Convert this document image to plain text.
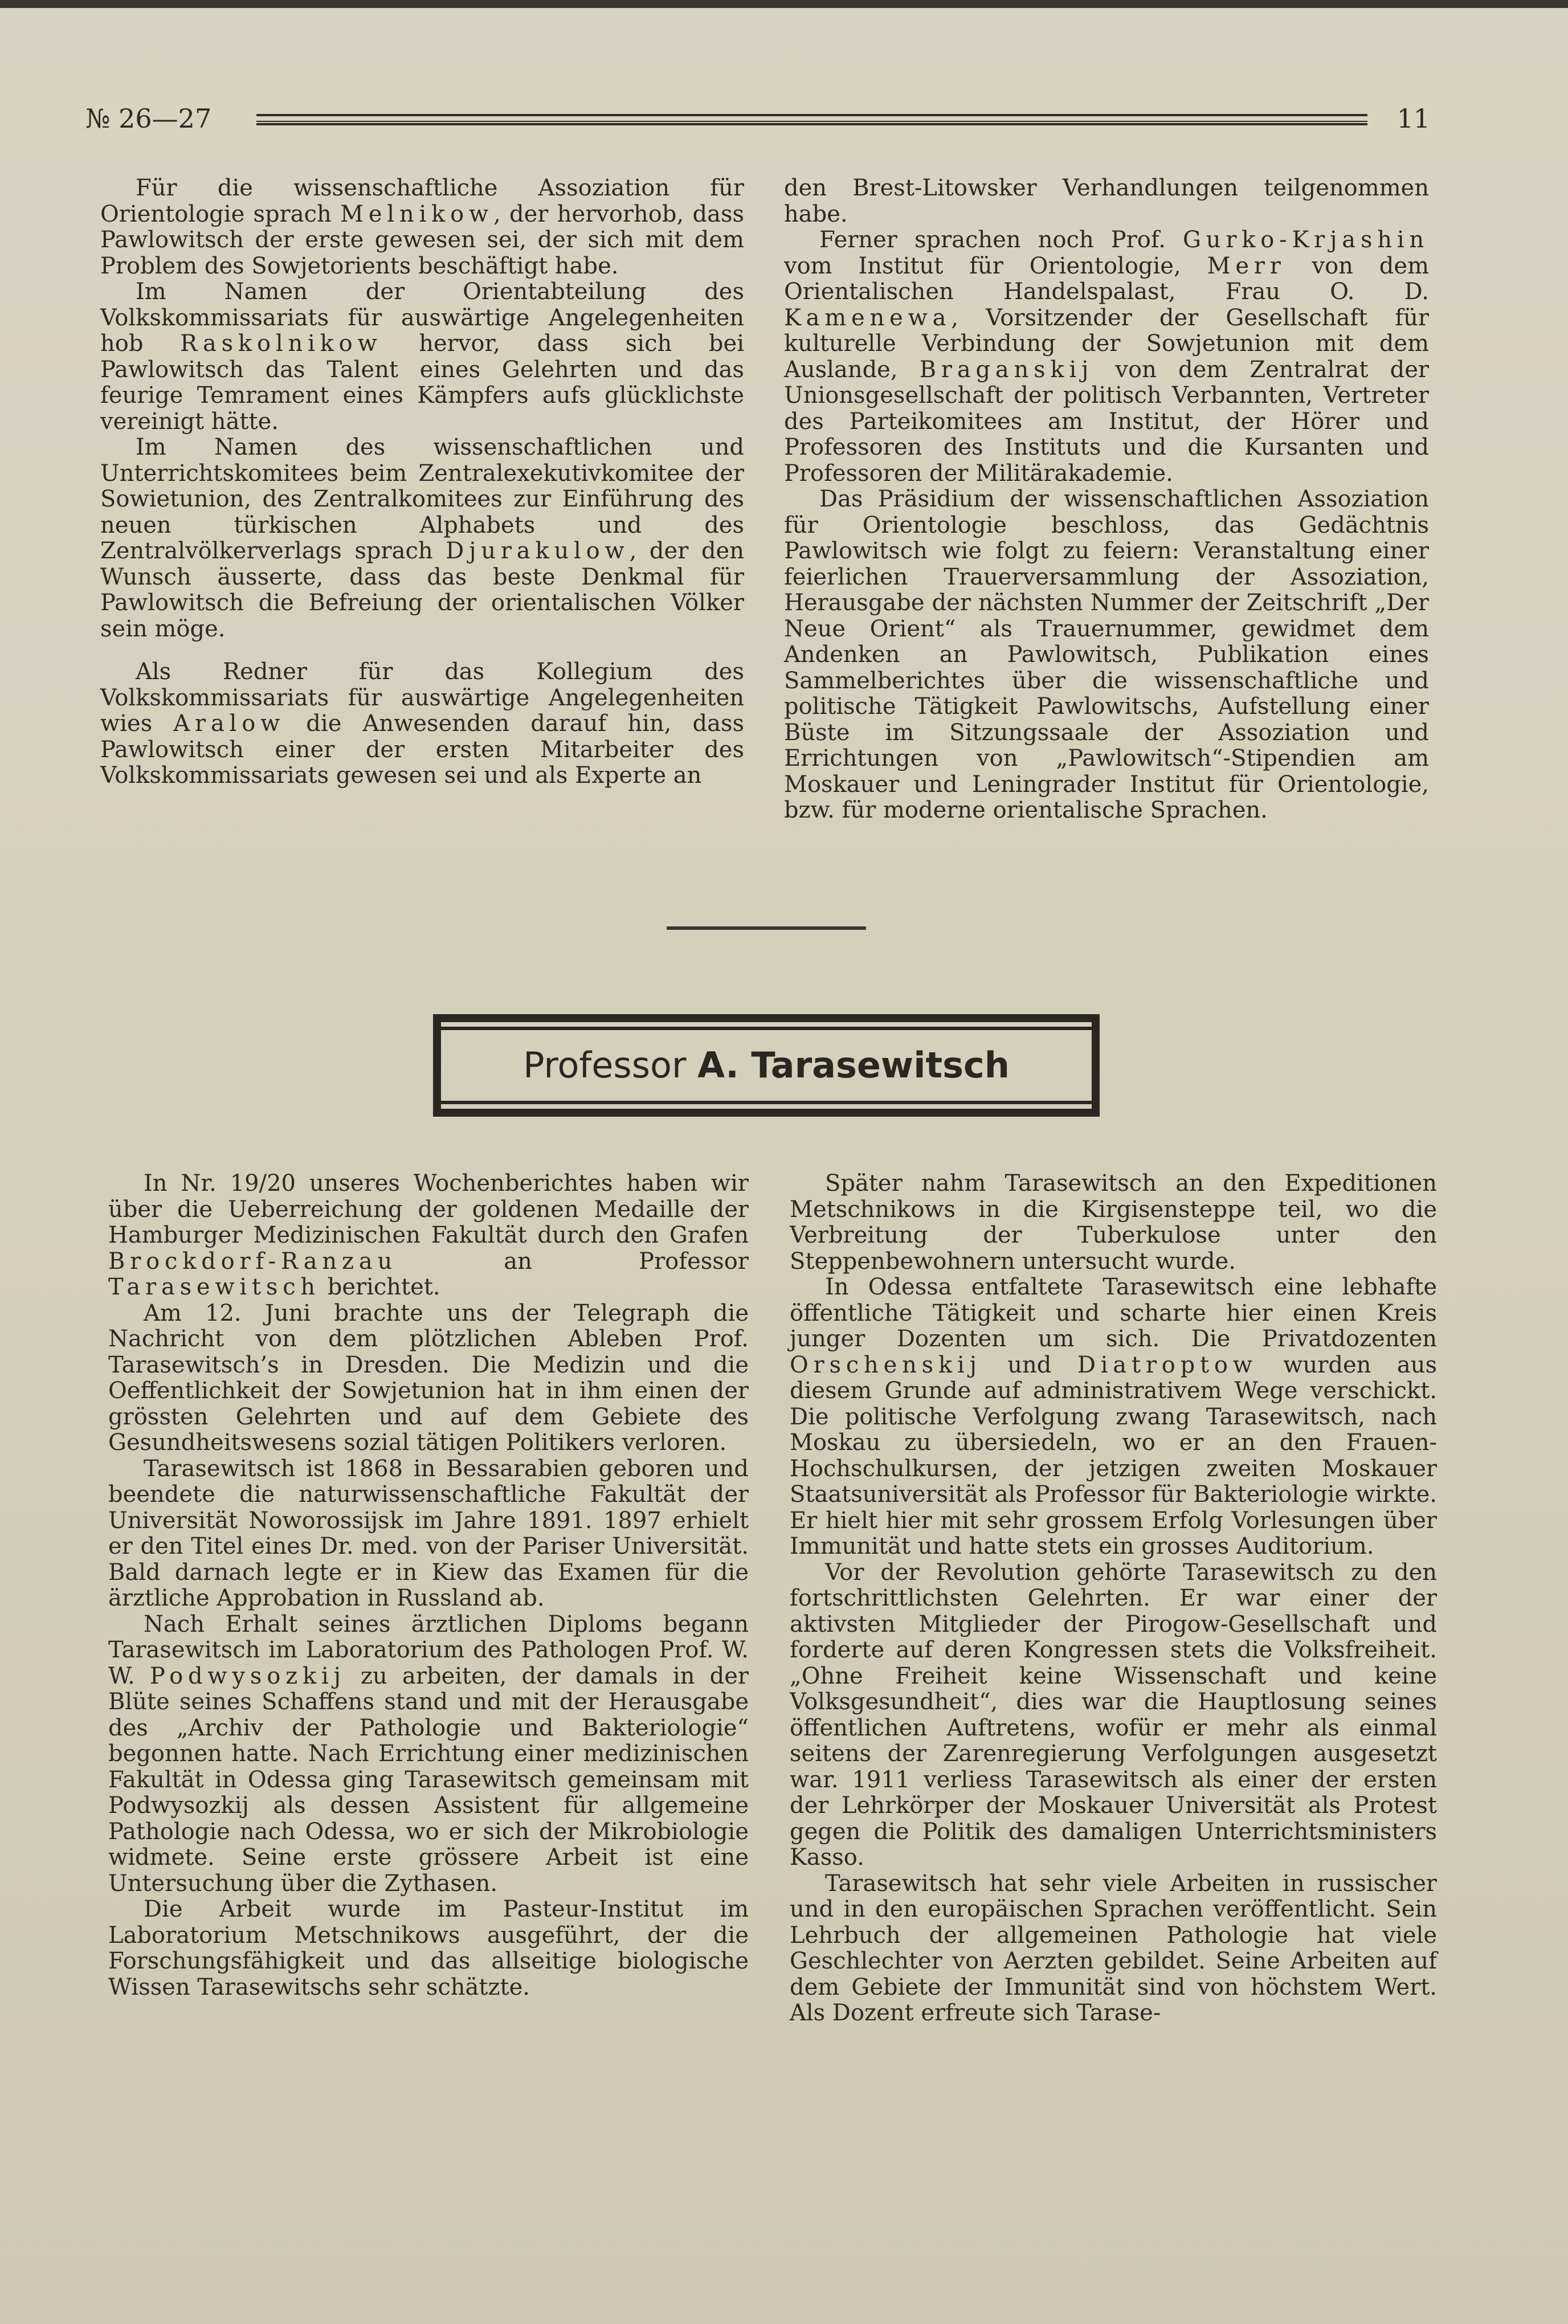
№ 26—27	11

Für die wissenschaftliche Assoziation für Orientologie sprach Melnikow, der hervorhob, dass Pawlowitsch der erste gewesen sei, der sich mit dem Problem des Sowjetorients beschäftigt habe.

Im Namen der Orientabteilung des Volkskommissariats für auswärtige Angelegenheiten hob Raskolnikow hervor, dass sich bei Pawlowitsch das Talent eines Gelehrten und das feurige Temrament eines Kämpfers aufs glücklichste vereinigt hätte.

Im Namen des wissenschaftlichen und Unterrichtskomitees beim Zentralexekutivkomitee der Sowietunion, des Zentralkomitees zur Einführung des neuen türkischen Alphabets und des Zentralvölkerverlags sprach Djurakulow, der den Wunsch äusserte, dass das beste Denkmal für Pawlowitsch die Befreiung der orientalischen Völker sein möge.

Als Redner für das Kollegium des Volkskommissariats für auswärtige Angelegenheiten wies Aralow die Anwesenden darauf hin, dass Pawlowitsch einer der ersten Mitarbeiter des Volkskommissariats gewesen sei und als Experte an

den Brest-Litowsker Verhandlungen teilgenommen habe.

Ferner sprachen noch Prof. Gurko-Krjashin vom Institut für Orientologie, Merr von dem Orientalischen Handelspalast, Frau O. D. Kamenewa, Vorsitzender der Gesellschaft für kulturelle Verbindung der Sowjetunion mit dem Auslande, Braganskij von dem Zentralrat der Unionsgesellschaft der politisch Verbannten, Vertreter des Parteikomitees am Institut, der Hörer und Professoren des Instituts und die Kursanten und Professoren der Militärakademie.

Das Präsidium der wissenschaftlichen Assoziation für Orientologie beschloss, das Gedächtnis Pawlowitsch wie folgt zu feiern: Veranstaltung einer feierlichen Trauerversammlung der Assoziation, Herausgabe der nächsten Nummer der Zeitschrift „Der Neue Orient“ als Trauernummer, gewidmet dem Andenken an Pawlowitsch, Publikation eines Sammelberichtes über die wissenschaftliche und politische Tätigkeit Pawlowitschs, Aufstellung einer Büste im Sitzungssaale der Assoziation und Errichtungen von „Pawlowitsch“-Stipendien am Moskauer und Leningrader Institut für Orientologie, bzw. für moderne orientalische Sprachen.

Professor A. Tarasewitsch

In Nr. 19/20 unseres Wochenberichtes haben wir über die Ueberreichung der goldenen Medaille der Hamburger Medizinischen Fakultät durch den Grafen Brockdorf-Ranzau an Professor Tarasewitsch berichtet.

Am 12. Juni brachte uns der Telegraph die Nachricht von dem plötzlichen Ableben Prof. Tarasewitsch’s in Dresden. Die Medizin und die Oeffentlichkeit der Sowjetunion hat in ihm einen der grössten Gelehrten und auf dem Gebiete des Gesundheitswesens sozial tätigen Politikers verloren.

Tarasewitsch ist 1868 in Bessarabien geboren und beendete die naturwissenschaftliche Fakultät der Universität Noworossijsk im Jahre 1891. 1897 erhielt er den Titel eines Dr. med. von der Pariser Universität. Bald darnach legte er in Kiew das Examen für die ärztliche Approbation in Russland ab.

Nach Erhalt seines ärztlichen Diploms begann Tarasewitsch im Laboratorium des Pathologen Prof. W. W. Podwysozkij zu arbeiten, der damals in der Blüte seines Schaffens stand und mit der Herausgabe des „Archiv der Pathologie und Bakteriologie“ begonnen hatte. Nach Errichtung einer medizinischen Fakultät in Odessa ging Tarasewitsch gemeinsam mit Podwysozkij als dessen Assistent für allgemeine Pathologie nach Odessa, wo er sich der Mikrobiologie widmete. Seine erste grössere Arbeit ist eine Untersuchung über die Zythasen.

Die Arbeit wurde im Pasteur-Institut im Laboratorium Metschnikows ausgeführt, der die Forschungsfähigkeit und das allseitige biologische Wissen Tarasewitschs sehr schätzte.

Später nahm Tarasewitsch an den Expeditionen Metschnikows in die Kirgisensteppe teil, wo die Verbreitung der Tuberkulose unter den Steppenbewohnern untersucht wurde.

In Odessa entfaltete Tarasewitsch eine lebhafte öffentliche Tätigkeit und scharte hier einen Kreis junger Dozenten um sich. Die Privatdozenten Orschenskij und Diatroptow wurden aus diesem Grunde auf administrativem Wege verschickt. Die politische Verfolgung zwang Tarasewitsch, nach Moskau zu übersiedeln, wo er an den Frauen-Hochschulkursen, der jetzigen zweiten Moskauer Staatsuniversität als Professor für Bakteriologie wirkte. Er hielt hier mit sehr grossem Erfolg Vorlesungen über Immunität und hatte stets ein grosses Auditorium.

Vor der Revolution gehörte Tarasewitsch zu den fortschrittlichsten Gelehrten. Er war einer der aktivsten Mitglieder der Pirogow-Gesellschaft und forderte auf deren Kongressen stets die Volksfreiheit. „Ohne Freiheit keine Wissenschaft und keine Volksgesundheit“, dies war die Hauptlosung seines öffentlichen Auftretens, wofür er mehr als einmal seitens der Zarenregierung Verfolgungen ausgesetzt war. 1911 verliess Tarasewitsch als einer der ersten der Lehrkörper der Moskauer Universität als Protest gegen die Politik des damaligen Unterrichtsministers Kasso.

Tarasewitsch hat sehr viele Arbeiten in russischer und in den europäischen Sprachen veröffentlicht. Sein Lehrbuch der allgemeinen Pathologie hat viele Geschlechter von Aerzten gebildet. Seine Arbeiten auf dem Gebiete der Immunität sind von höchstem Wert. Als Dozent erfreute sich Tarase-
